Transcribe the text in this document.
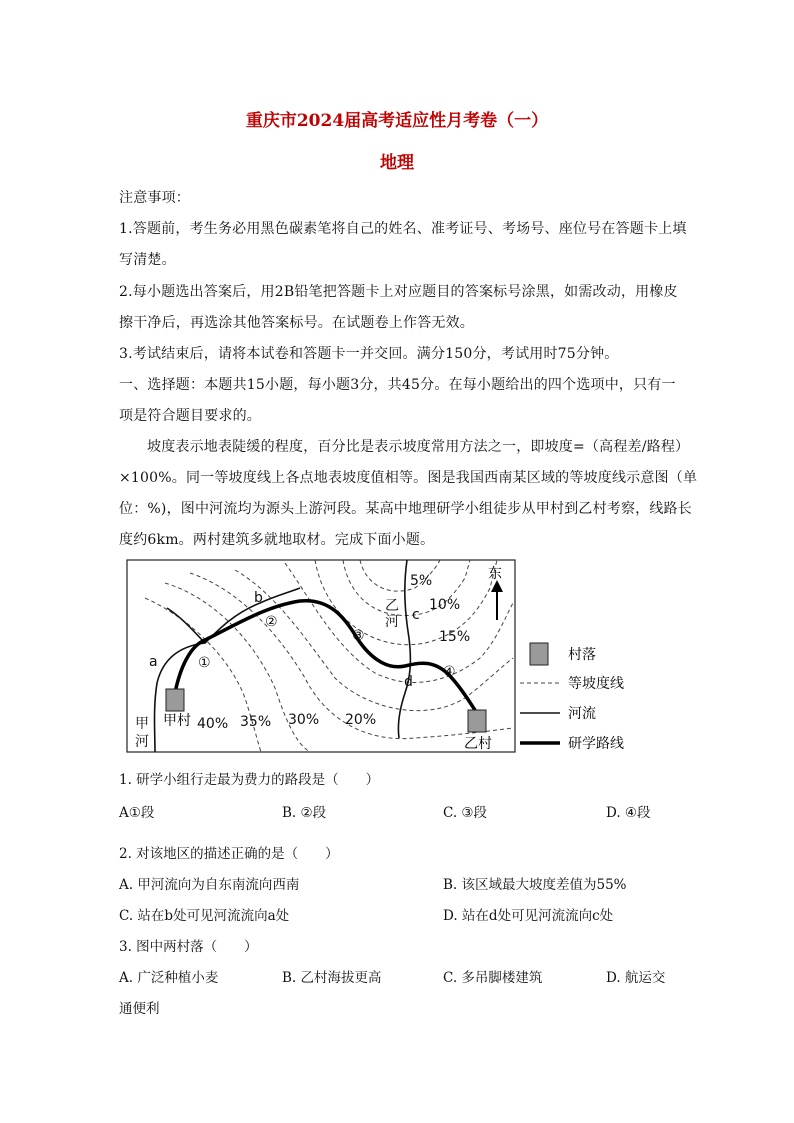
重庆市2024届高考适应性月考卷（一）
地理
注意事项：
1.答题前，考生务必用黑色碳素笔将自己的姓名、准考证号、考场号、座位号在答题卡上填
写清楚。
2.每小题选出答案后，用2B铅笔把答题卡上对应题目的答案标号涂黑，如需改动，用橡皮
擦干净后，再选涂其他答案标号。在试题卷上作答无效。
3.考试结束后，请将本试卷和答题卡一并交回。满分150分，考试用时75分钟。
一、选择题：本题共15小题，每小题3分，共45分。在每小题给出的四个选项中，只有一
项是符合题目要求的。
坡度表示地表陡缓的程度，百分比是表示坡度常用方法之一，即坡度=（高程差/路程）
×100%。同一等坡度线上各点地表坡度值相等。图是我国西南某区域的等坡度线示意图（单
位：%)，图中河流均为源头上游河段。某高中地理研学小组徒步从甲村到乙村考察，线路长
度约6km。两村建筑多就地取材。完成下面小题。
东
5%
10%
15%
20%
30%
35%
40%
①
②
③
④
a
b
c
d
甲
河
乙
河
甲村
乙村
村落
等坡度线
河流
研学路线
1. 研学小组行走最为费力的路段是（　　）
A①段	B. ②段	C. ③段	D. ④段
2. 对该地区的描述正确的是（　　）
A. 甲河流向为自东南流向西南	B. 该区域最大坡度差值为55%
C. 站在b处可见河流流向a处	D. 站在d处可见河流流向c处
3. 图中两村落（　　）
A. 广泛种植小麦	B. 乙村海拔更高	C. 多吊脚楼建筑	D. 航运交
通便利
